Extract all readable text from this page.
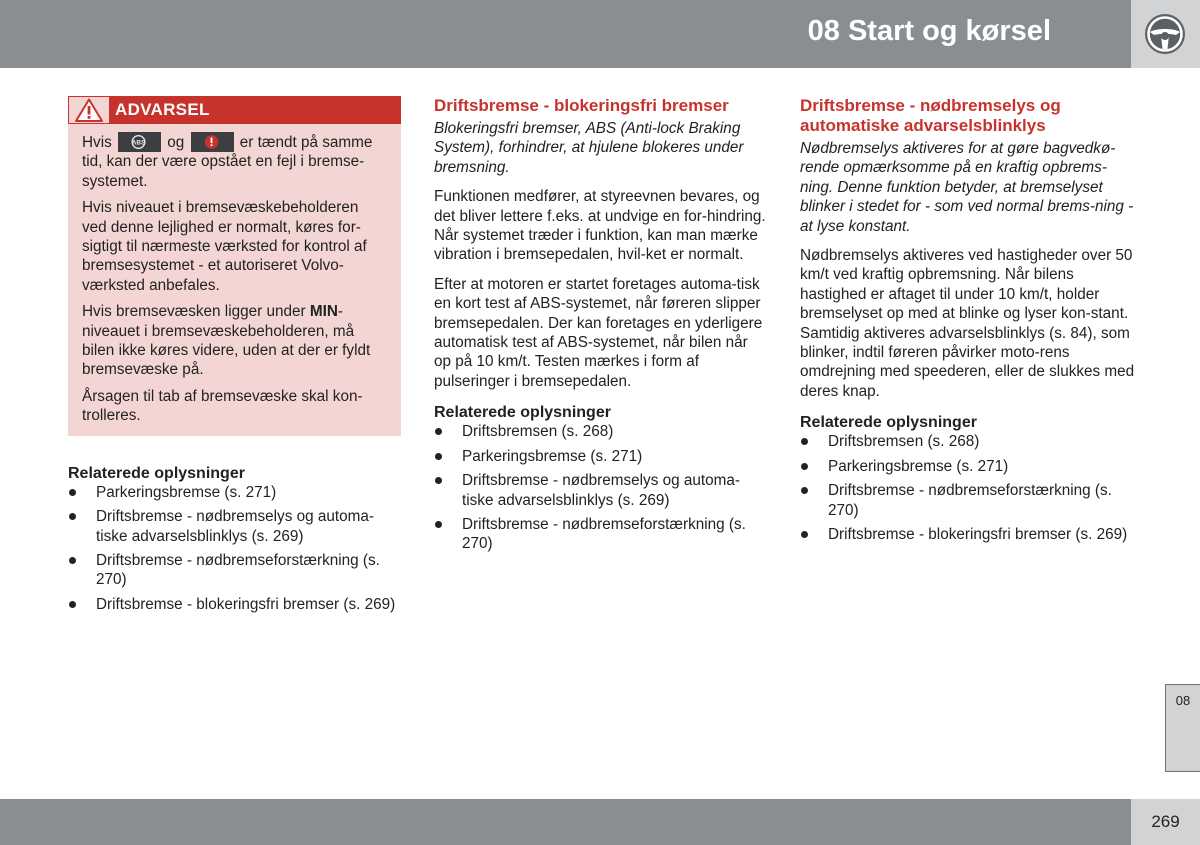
08 Start og kørsel
ADVARSEL

Hvis	ABS og	er tændt på samme tid, kan der være opstået en fejl i bremse-systemet.

Hvis niveauet i bremsevæskebeholderen ved denne lejlighed er normalt, køres for-sigtigt til nærmeste værksted for kontrol af bremsesystemet - et autoriseret Volvo-værksted anbefales.

Hvis bremsevæsken ligger under MIN-niveauet i bremsevæskebeholderen, må bilen ikke køres videre, uden at der er fyldt bremsevæske på.

Årsagen til tab af bremsevæske skal kon-trolleres.

Relaterede oplysninger
Parkeringsbremse (s. 271)
Driftsbremse - nødbremselys og automa-tiske advarselsblinklys (s. 269)
Driftsbremse - nødbremseforstærkning (s. 270)
Driftsbremse - blokeringsfri bremser (s. 269)
Driftsbremse - blokeringsfri bremser

Blokeringsfri bremser, ABS (Anti-lock Braking System), forhindrer, at hjulene blokeres under bremsning.

Funktionen medfører, at styreevnen bevares, og det bliver lettere f.eks. at undvige en for-hindring. Når systemet træder i funktion, kan man mærke vibration i bremsepedalen, hvil-ket er normalt.

Efter at motoren er startet foretages automa-tisk en kort test af ABS-systemet, når føreren slipper bremsepedalen. Der kan foretages en yderligere automatisk test af ABS-systemet, når bilen når op på 10 km/t. Testen mærkes i form af pulseringer i bremsepedalen.

Relaterede oplysninger
Driftsbremsen (s. 268)
Parkeringsbremse (s. 271)
Driftsbremse - nødbremselys og automa-tiske advarselsblinklys (s. 269)
Driftsbremse - nødbremseforstærkning (s. 270)
Driftsbremse - nødbremselys og automatiske advarselsblinklys

Nødbremselys aktiveres for at gøre bagvedkø-rende opmærksomme på en kraftig opbrems-ning. Denne funktion betyder, at bremselyset blinker i stedet for - som ved normal brems-ning - at lyse konstant.

Nødbremselys aktiveres ved hastigheder over 50 km/t ved kraftig opbremsning. Når bilens hastighed er aftaget til under 10 km/t, holder bremselyset op med at blinke og lyser kon-stant. Samtidig aktiveres advarselsblinklys (s. 84), som blinker, indtil føreren påvirker moto-rens omdrejning med speederen, eller de slukkes med deres knap.

Relaterede oplysninger
Driftsbremsen (s. 268)
Parkeringsbremse (s. 271)
Driftsbremse - nødbremseforstærkning (s. 270)
Driftsbremse - blokeringsfri bremser (s. 269)
08
269
